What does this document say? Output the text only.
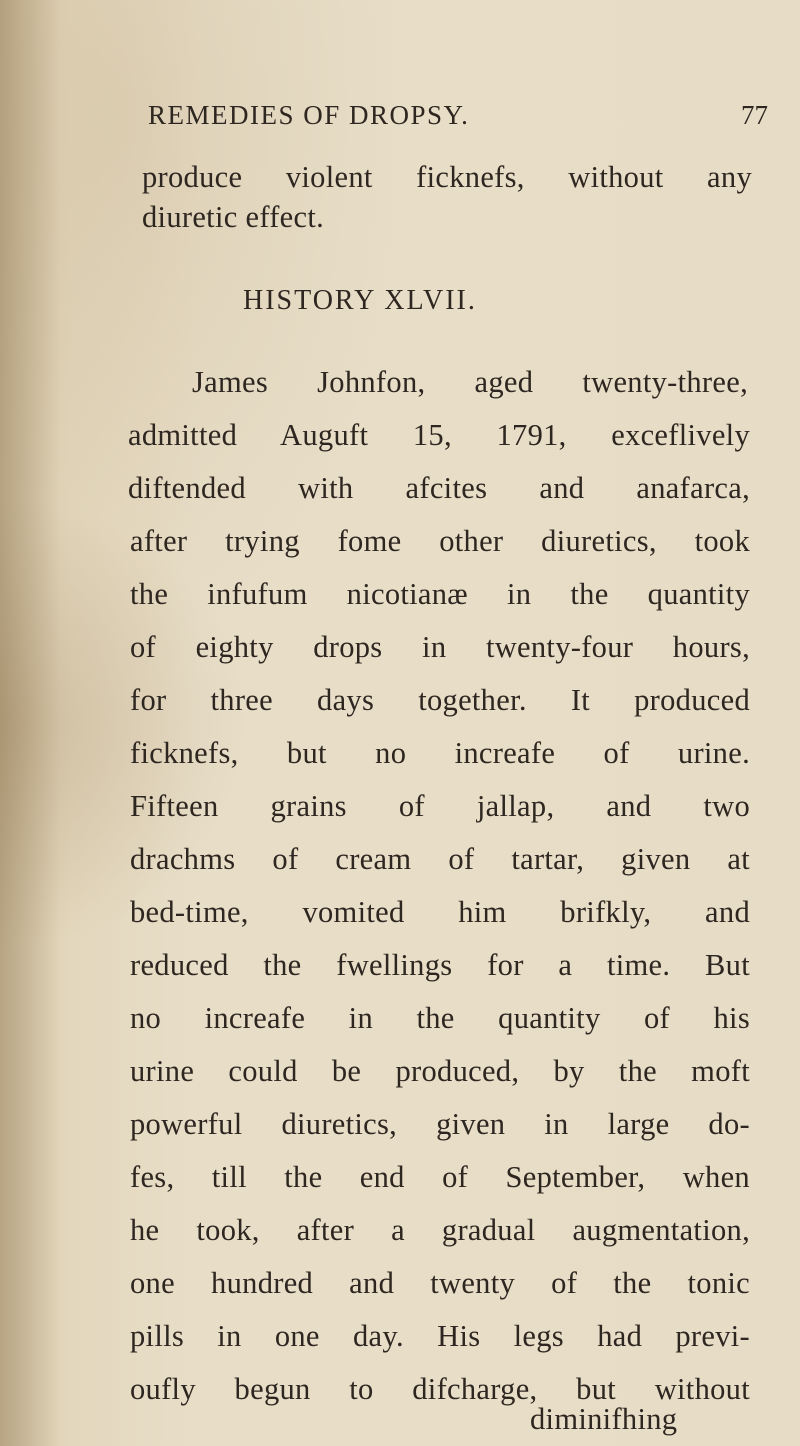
REMEDIES OF DROPSY.	77
produce violent ficknefs, without any
diuretic effect.
HISTORY XLVII.
James Johnfon, aged twenty-three,
admitted Auguft 15, 1791, exceflively
diftended with afcites and anafarca,
after trying fome other diuretics, took
the infufum nicotianæ in the quantity
of eighty drops in twenty-four hours,
for three days together. It produced
ficknefs, but no increafe of urine.
Fifteen grains of jallap, and two
drachms of cream of tartar, given at
bed-time, vomited him brifkly, and
reduced the fwellings for a time. But
no increafe in the quantity of his
urine could be produced, by the moft
powerful diuretics, given in large do-
fes, till the end of September, when
he took, after a gradual augmentation,
one hundred and twenty of the tonic
pills in one day. His legs had previ-
oufly begun to difcharge, but without
diminifhing
